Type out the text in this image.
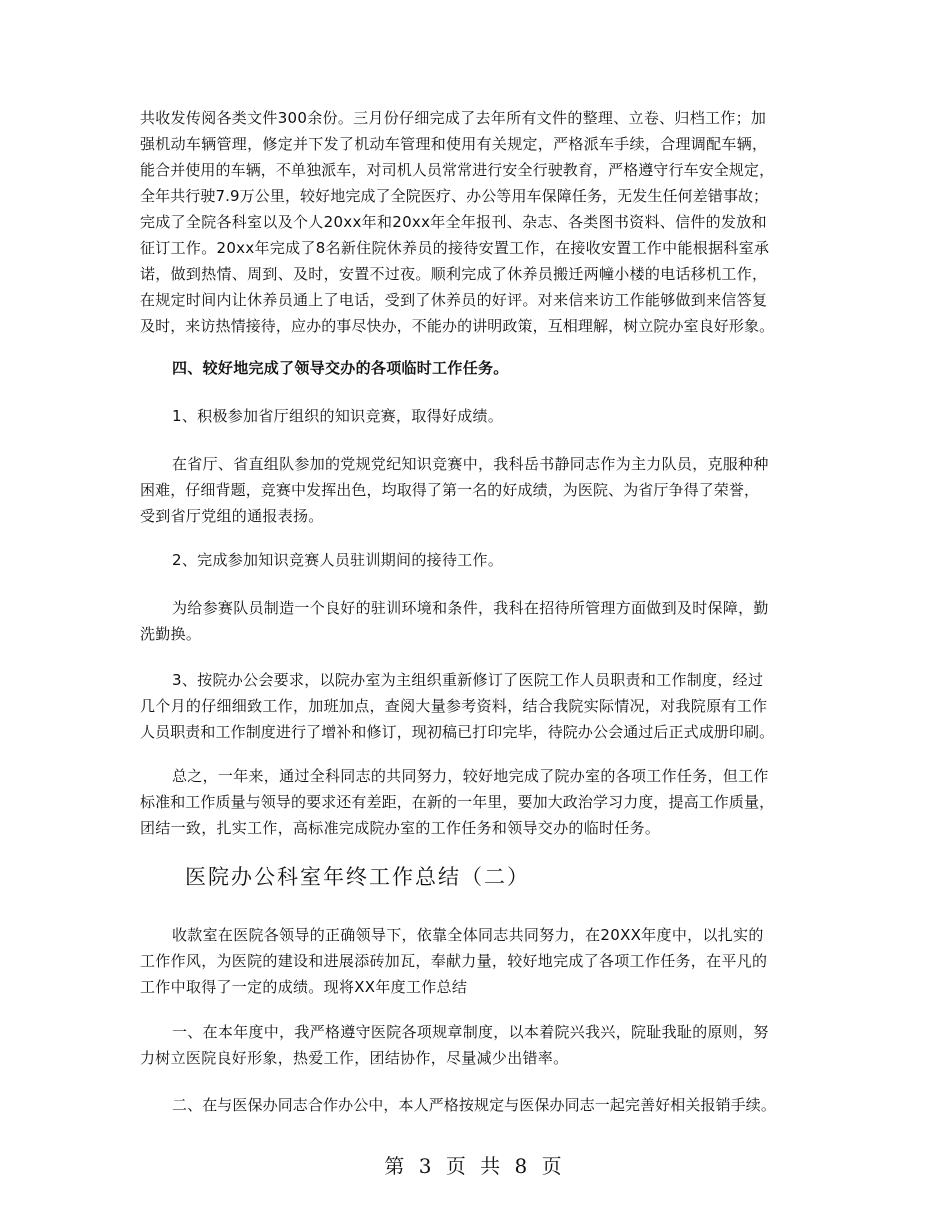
共收发传阅各类文件300余份。三月份仔细完成了去年所有文件的整理、立卷、归档工作；加
强机动车辆管理，修定并下发了机动车管理和使用有关规定，严格派车手续，合理调配车辆，
能合并使用的车辆，不单独派车，对司机人员常常进行安全行驶教育，严格遵守行车安全规定，
全年共行驶7.9万公里，较好地完成了全院医疗、办公等用车保障任务，无发生任何差错事故；
完成了全院各科室以及个人20xx年和20xx年全年报刊、杂志、各类图书资料、信件的发放和
征订工作。20xx年完成了8名新住院休养员的接待安置工作，在接收安置工作中能根据科室承
诺，做到热情、周到、及时，安置不过夜。顺利完成了休养员搬迁两幢小楼的电话移机工作，
在规定时间内让休养员通上了电话，受到了休养员的好评。对来信来访工作能够做到来信答复
及时，来访热情接待，应办的事尽快办，不能办的讲明政策，互相理解，树立院办室良好形象。
四、较好地完成了领导交办的各项临时工作任务。
1、积极参加省厅组织的知识竞赛，取得好成绩。
在省厅、省直组队参加的党规党纪知识竞赛中，我科岳书静同志作为主力队员，克服种种
困难，仔细背题，竞赛中发挥出色，均取得了第一名的好成绩，为医院、为省厅争得了荣誉，
受到省厅党组的通报表扬。
2、完成参加知识竞赛人员驻训期间的接待工作。
为给参赛队员制造一个良好的驻训环境和条件，我科在招待所管理方面做到及时保障，勤
洗勤换。
3、按院办公会要求，以院办室为主组织重新修订了医院工作人员职责和工作制度，经过
几个月的仔细细致工作，加班加点，查阅大量参考资料，结合我院实际情况，对我院原有工作
人员职责和工作制度进行了增补和修订，现初稿已打印完毕，待院办公会通过后正式成册印刷。
总之，一年来，通过全科同志的共同努力，较好地完成了院办室的各项工作任务，但工作
标准和工作质量与领导的要求还有差距，在新的一年里，要加大政治学习力度，提高工作质量，
团结一致，扎实工作，高标准完成院办室的工作任务和领导交办的临时任务。
医院办公科室年终工作总结（二）
收款室在医院各领导的正确领导下，依靠全体同志共同努力，在20XX年度中，以扎实的
工作作风，为医院的建设和进展添砖加瓦，奉献力量，较好地完成了各项工作任务，在平凡的
工作中取得了一定的成绩。现将XX年度工作总结
一、在本年度中，我严格遵守医院各项规章制度，以本着院兴我兴，院耻我耻的原则，努
力树立医院良好形象，热爱工作，团结协作，尽量减少出错率。
二、在与医保办同志合作办公中，本人严格按规定与医保办同志一起完善好相关报销手续。
第 3 页 共 8 页
